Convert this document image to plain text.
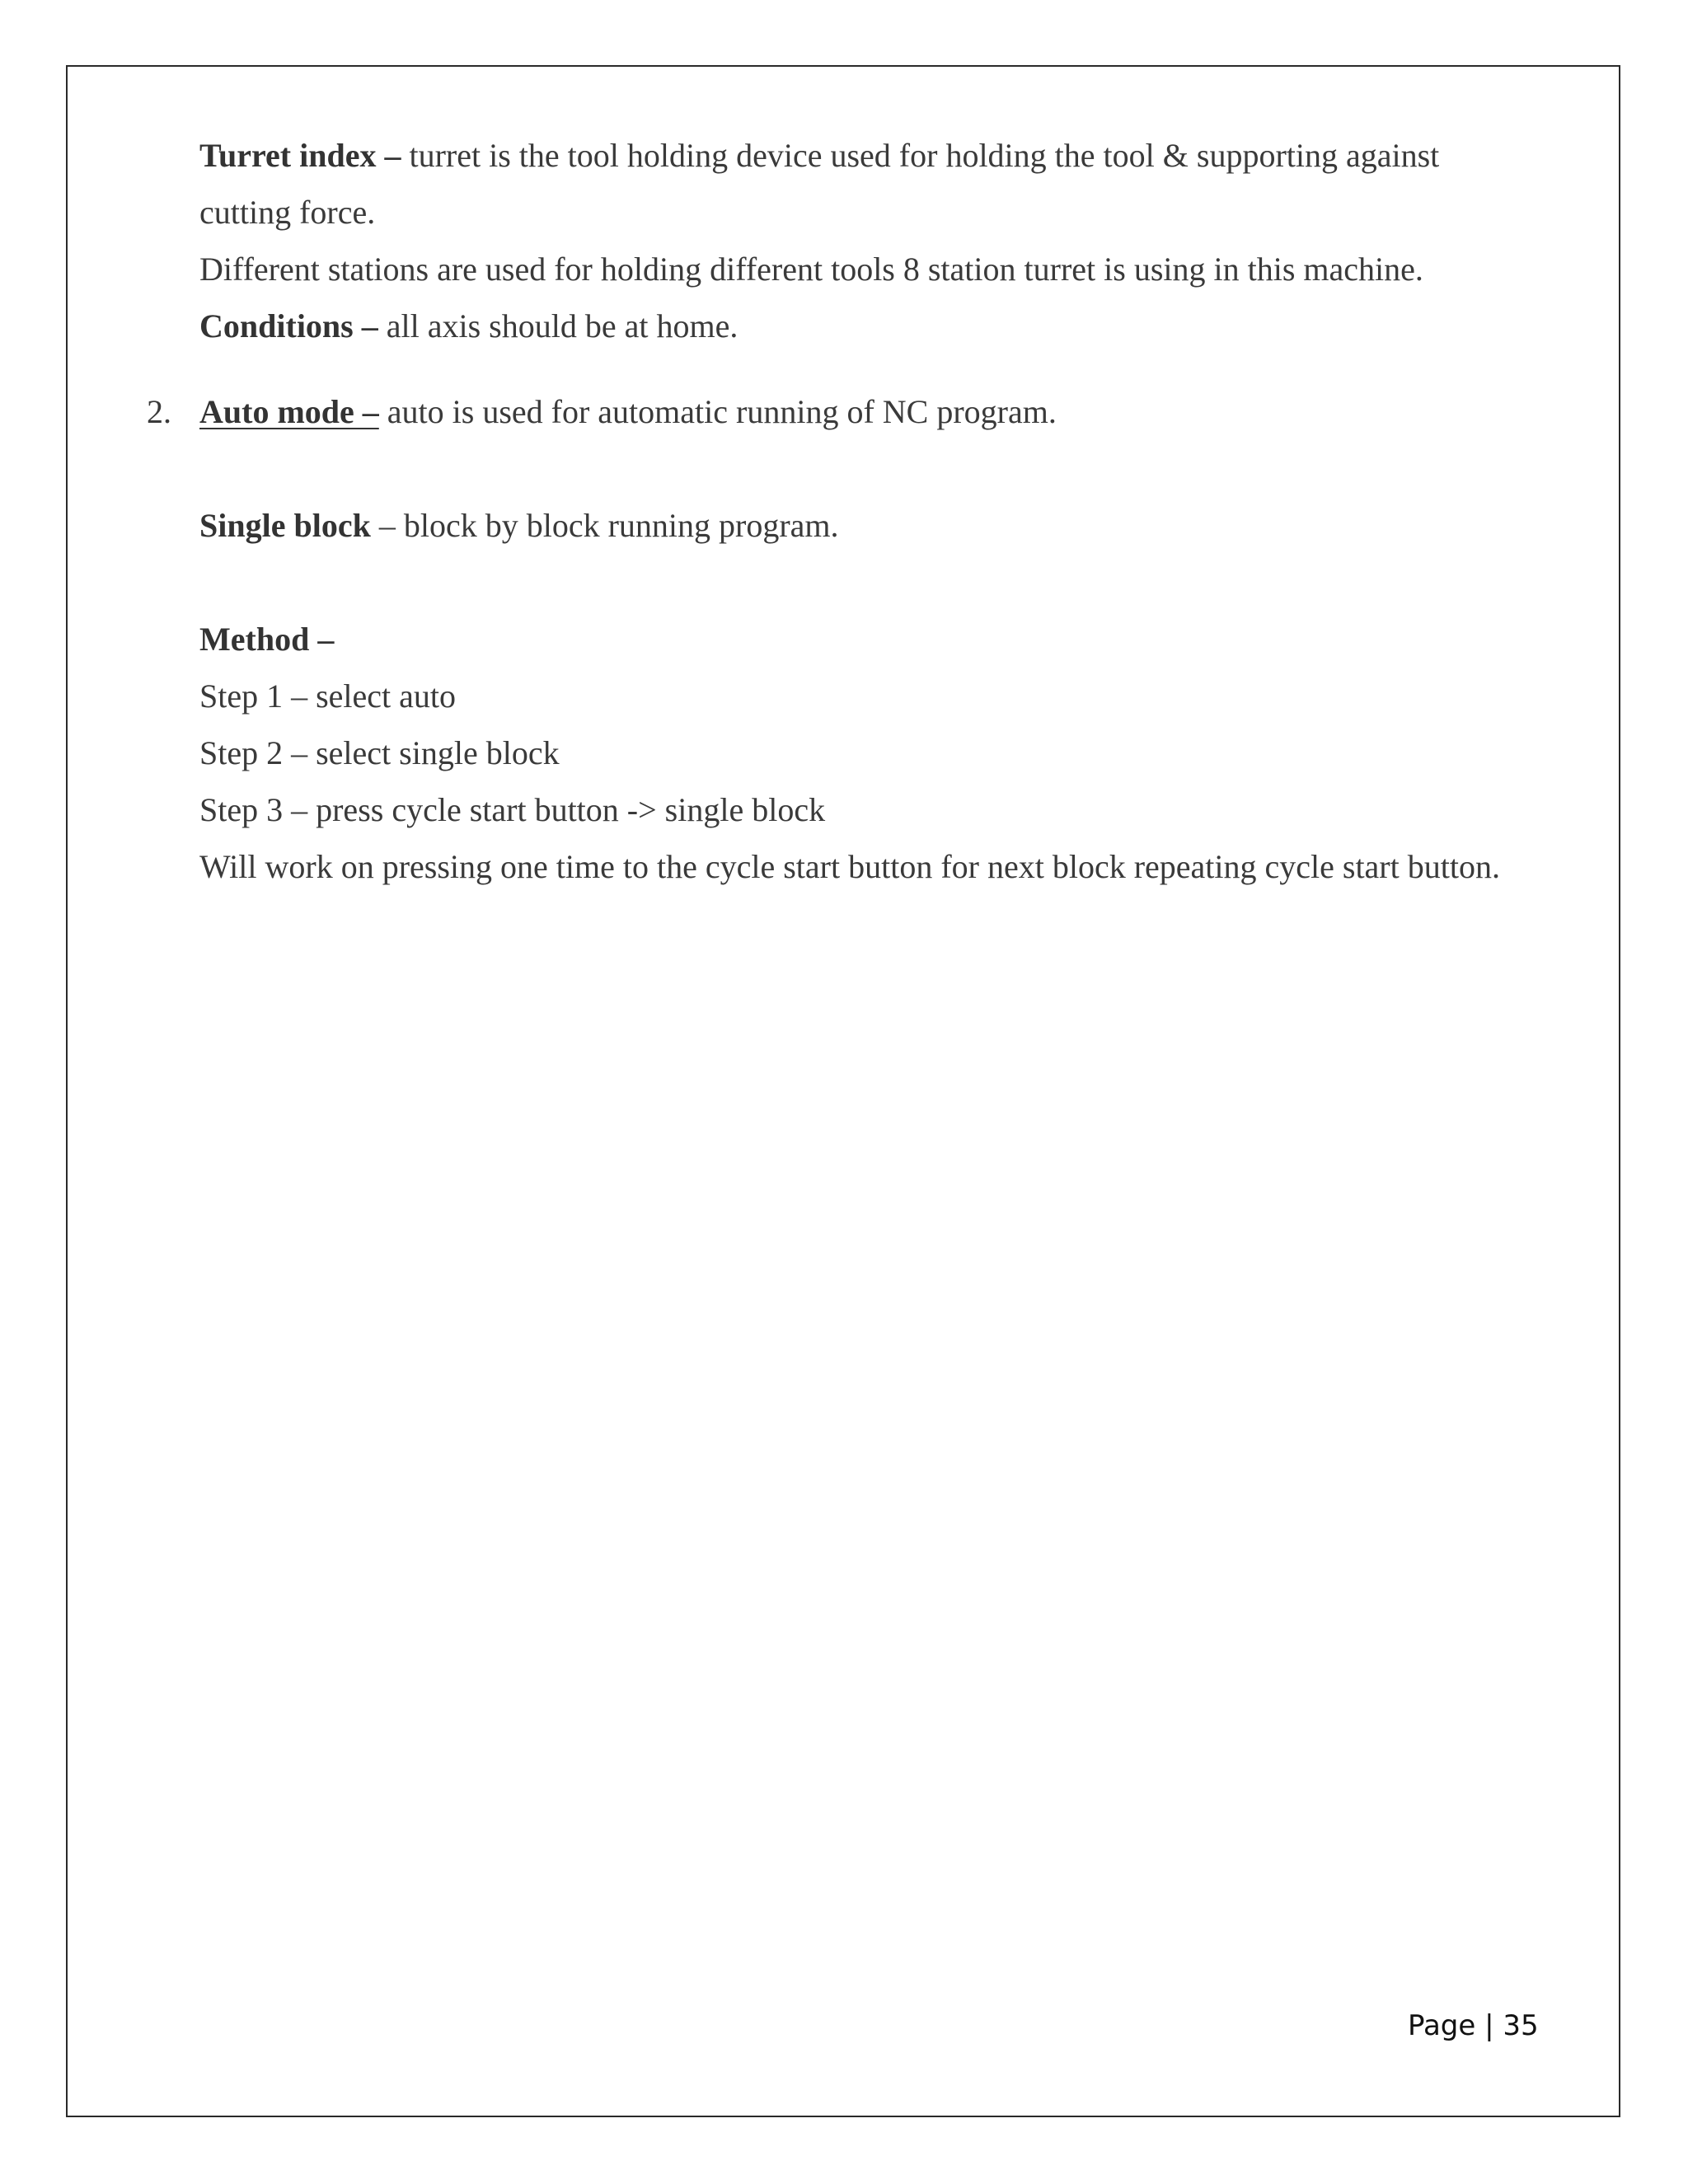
Turret index – turret is the tool holding device used for holding the tool & supporting against
cutting force.
Different stations are used for holding different tools 8 station turret is using in this machine.
Conditions – all axis should be at home.
2. Auto mode – auto is used for automatic running of NC program.
Single block – block by block running program.
Method –
Step 1 – select auto
Step 2 – select single block
Step 3 – press cycle start button -> single block
Will work on pressing one time to the cycle start button for next block repeating cycle start button.
Page | 35
